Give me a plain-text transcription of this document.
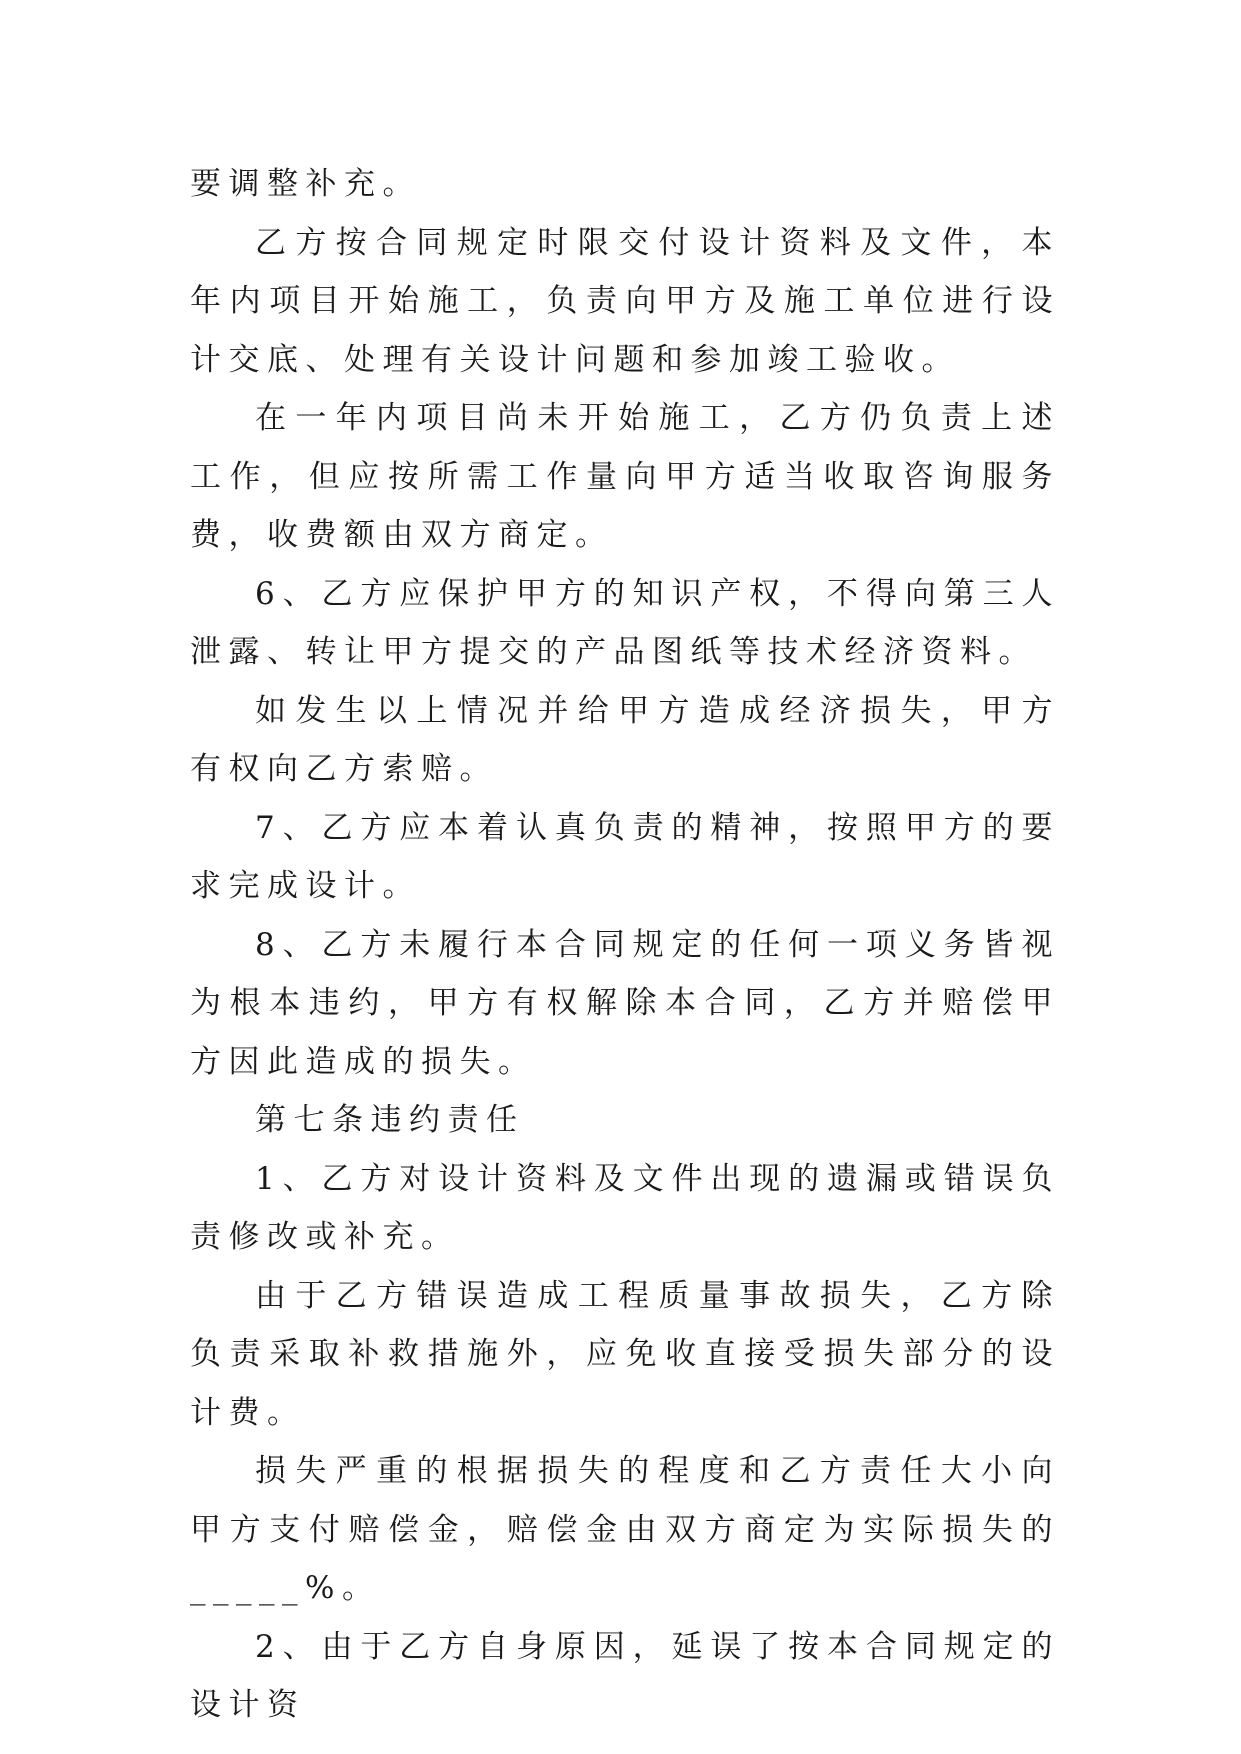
要调整补充。

乙方按合同规定时限交付设计资料及文件，本年内项目开始施工，负责向甲方及施工单位进行设计交底、处理有关设计问题和参加竣工验收。

在一年内项目尚未开始施工，乙方仍负责上述工作，但应按所需工作量向甲方适当收取咨询服务费，收费额由双方商定。

6、乙方应保护甲方的知识产权，不得向第三人泄露、转让甲方提交的产品图纸等技术经济资料。

如发生以上情况并给甲方造成经济损失，甲方有权向乙方索赔。

7、乙方应本着认真负责的精神，按照甲方的要求完成设计。

8、乙方未履行本合同规定的任何一项义务皆视为根本违约，甲方有权解除本合同，乙方并赔偿甲方因此造成的损失。

第七条违约责任

1、乙方对设计资料及文件出现的遗漏或错误负责修改或补充。

由于乙方错误造成工程质量事故损失，乙方除负责采取补救措施外，应免收直接受损失部分的设计费。

损失严重的根据损失的程度和乙方责任大小向甲方支付赔偿金，赔偿金由双方商定为实际损失的_____%。

2、由于乙方自身原因，延误了按本合同规定的设计资
